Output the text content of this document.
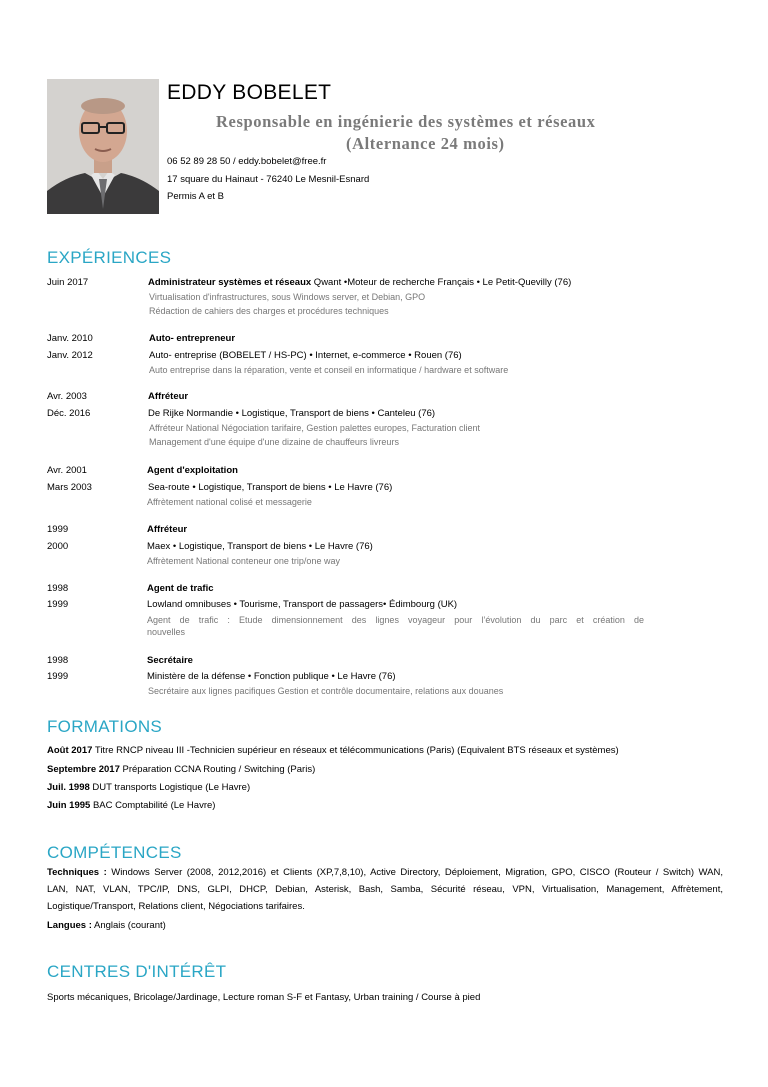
EDDY BOBELET
Responsable en ingénierie des systèmes et réseaux
(Alternance 24 mois)
06 52 89 28 50 / eddy.bobelet@free.fr
17 square du Hainaut - 76240 Le Mesnil-Esnard
Permis A et B
EXPÉRIENCES
Juin 2017	Administrateur systèmes et réseaux Qwant •Moteur de recherche Français • Le Petit-Quevilly (76)
Virtualisation d'infrastructures, sous Windows server, et Debian, GPO
Rédaction de cahiers des charges et procédures techniques
Janv. 2010	Auto- entrepreneur
Janv. 2012	Auto- entreprise (BOBELET / HS-PC) • Internet, e-commerce • Rouen (76)
Auto entreprise dans la réparation, vente et conseil en informatique / hardware et software
Avr. 2003	Affréteur
Déc. 2016	De Rijke Normandie • Logistique, Transport de biens • Canteleu (76)
Affréteur National Négociation tarifaire, Gestion palettes europes, Facturation client
Management d'une équipe d'une dizaine de chauffeurs livreurs
Avr. 2001	Agent d'exploitation
Mars 2003	Sea-route • Logistique, Transport de biens • Le Havre (76)
Affrètement national colisé et messagerie
1999	Affréteur
2000	Maex • Logistique, Transport de biens • Le Havre (76)
Affrètement National conteneur one trip/one way
1998	Agent de trafic
1999	Lowland omnibuses • Tourisme, Transport de passagers• Édimbourg (UK)
Agent de trafic : Etude dimensionnement des lignes voyageur pour l’évolution du parc et création de
nouvelles
1998	Secrétaire
1999	Ministère de la défense • Fonction publique • Le Havre (76)
Secrétaire aux lignes pacifiques Gestion et contrôle documentaire, relations aux douanes
FORMATIONS
Août 2017 Titre RNCP niveau III -Technicien supérieur en réseaux et télécommunications (Paris) (Equivalent BTS réseaux et systèmes)
Septembre 2017 Préparation CCNA Routing / Switching (Paris)
Juil. 1998 DUT transports Logistique (Le Havre)
Juin 1995 BAC Comptabilité (Le Havre)
COMPÉTENCES
Techniques : Windows Server (2008, 2012,2016) et Clients (XP,7,8,10), Active Directory, Déploiement, Migration, GPO, CISCO (Routeur / Switch) WAN,
LAN, NAT, VLAN, TPC/IP, DNS, GLPI, DHCP, Debian, Asterisk, Bash, Samba, Sécurité réseau, VPN, Virtualisation, Management, Affrètement,
Logistique/Transport, Relations client, Négociations tarifaires.
Langues : Anglais (courant)
CENTRES D'INTÉRÊT
Sports mécaniques, Bricolage/Jardinage, Lecture roman S-F et Fantasy, Urban training / Course à pied
